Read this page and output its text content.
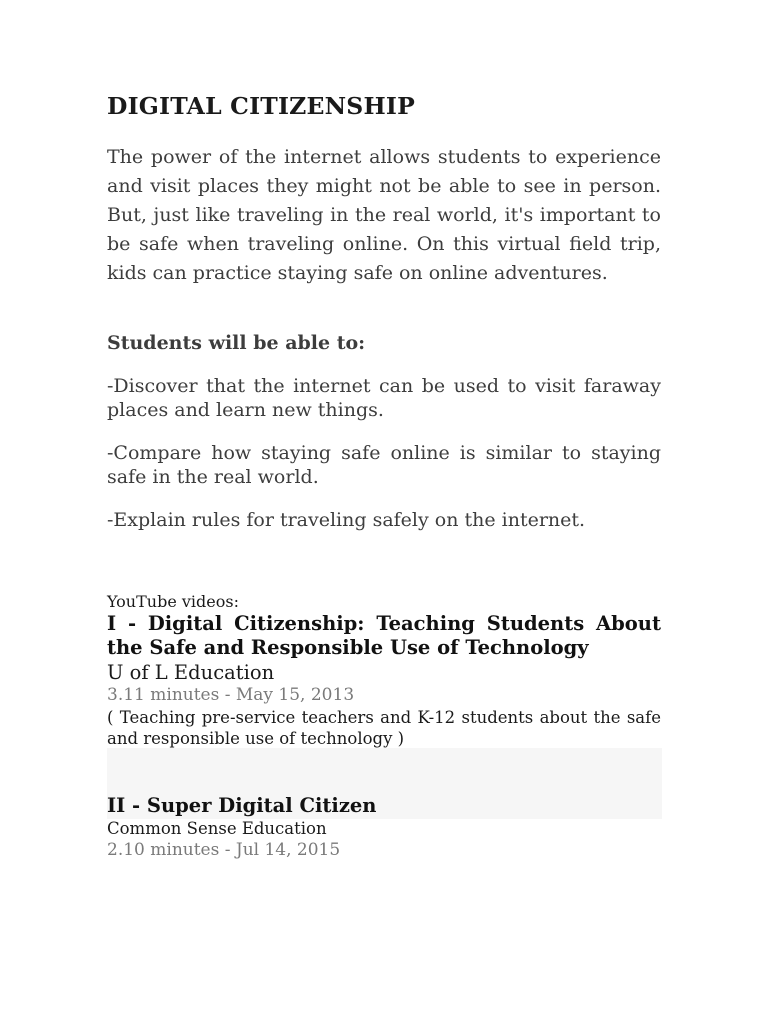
DIGITAL CITIZENSHIP

The power of the internet allows students to experience and visit places they might not be able to see in person. But, just like traveling in the real world, it's important to be safe when traveling online. On this virtual field trip, kids can practice staying safe on online adventures.

Students will be able to:

-Discover that the internet can be used to visit faraway places and learn new things.

-Compare how staying safe online is similar to staying safe in the real world.

-Explain rules for traveling safely on the internet.

YouTube videos:

I - Digital Citizenship: Teaching Students About the Safe and Responsible Use of Technology

U of L Education

3.11 minutes - May 15, 2013

( Teaching pre-service teachers and K-12 students about the safe and responsible use of technology )

II - Super Digital Citizen

Common Sense Education

2.10 minutes - Jul 14, 2015
